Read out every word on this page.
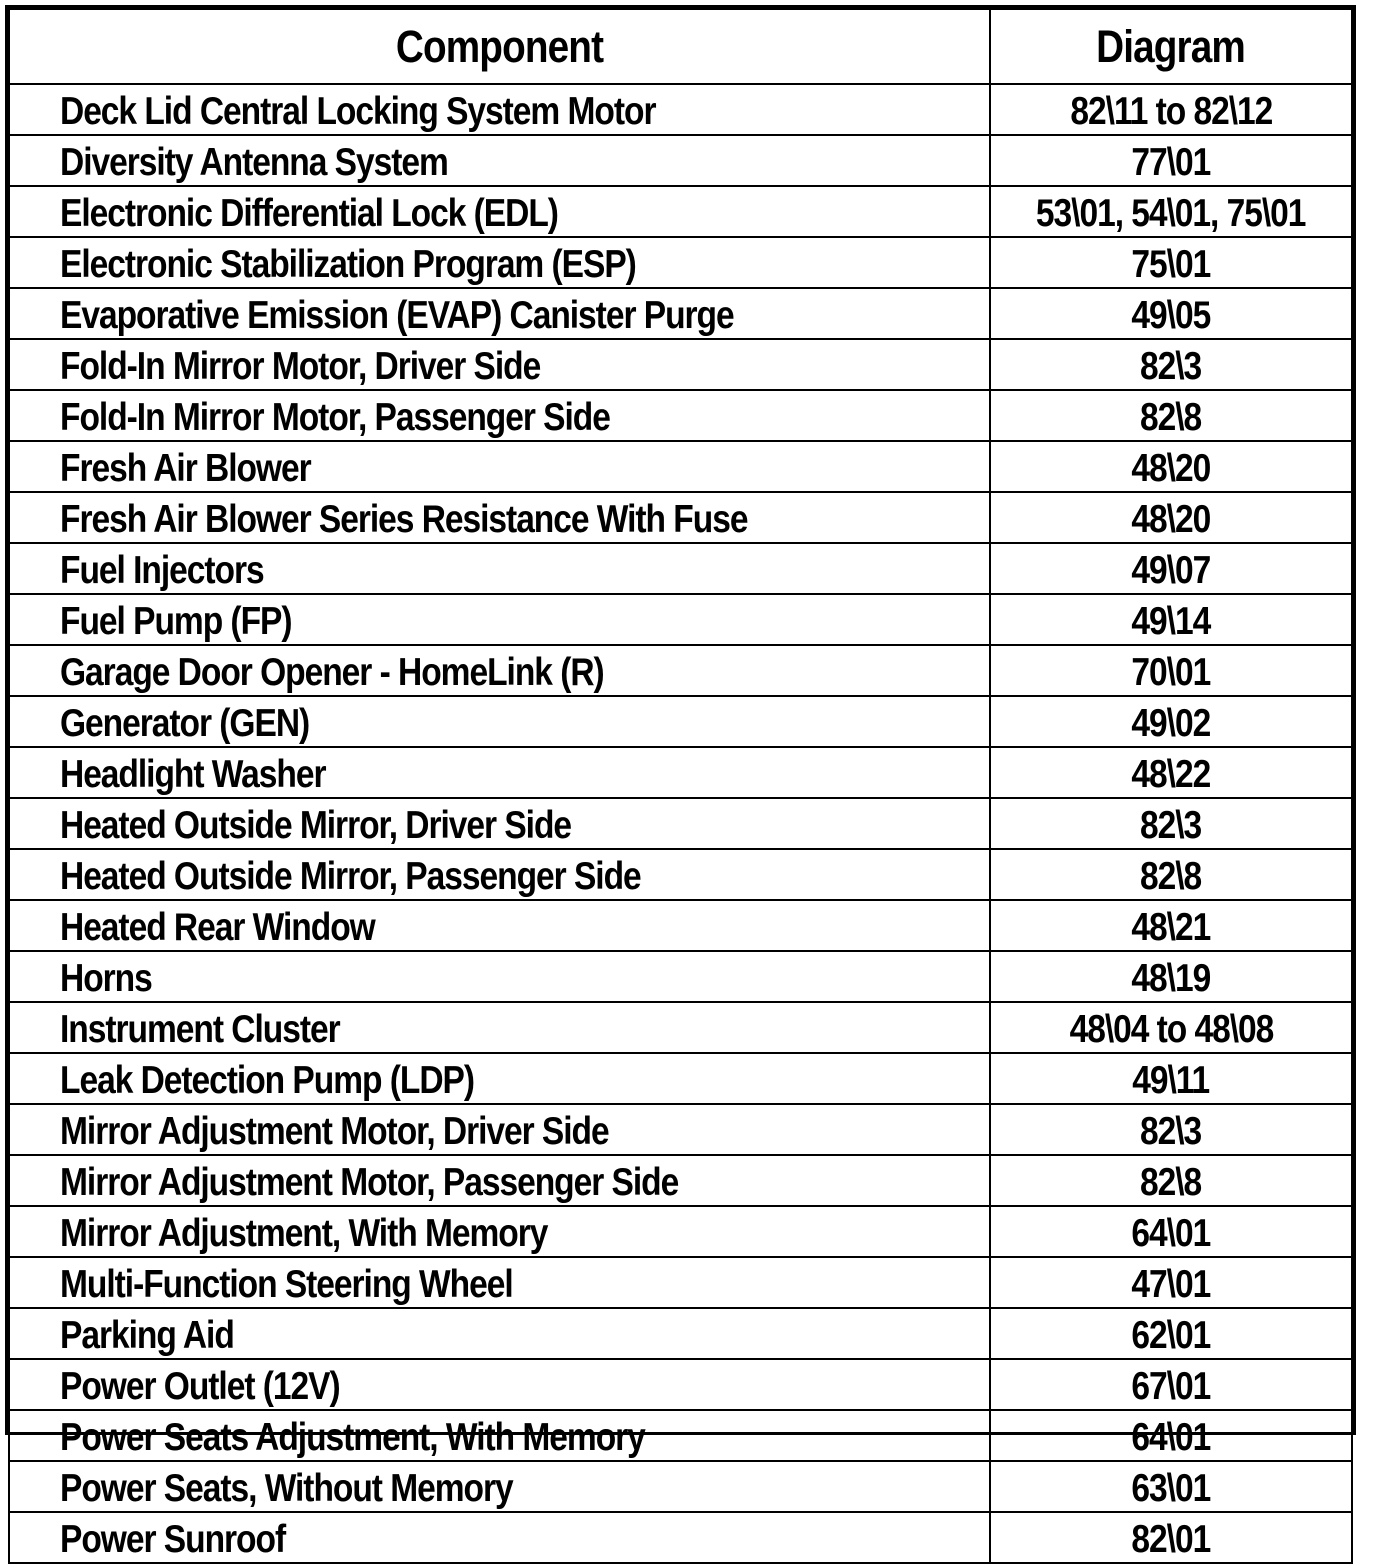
Component	Diagram
Deck Lid Central Locking System Motor	82\11 to 82\12
Diversity Antenna System	77\01
Electronic Differential Lock (EDL)	53\01, 54\01, 75\01
Electronic Stabilization Program (ESP)	75\01
Evaporative Emission (EVAP) Canister Purge	49\05
Fold-In Mirror Motor, Driver Side	82\3
Fold-In Mirror Motor, Passenger Side	82\8
Fresh Air Blower	48\20
Fresh Air Blower Series Resistance With Fuse	48\20
Fuel Injectors	49\07
Fuel Pump (FP)	49\14
Garage Door Opener - HomeLink (R)	70\01
Generator (GEN)	49\02
Headlight Washer	48\22
Heated Outside Mirror, Driver Side	82\3
Heated Outside Mirror, Passenger Side	82\8
Heated Rear Window	48\21
Horns	48\19
Instrument Cluster	48\04 to 48\08
Leak Detection Pump (LDP)	49\11
Mirror Adjustment Motor, Driver Side	82\3
Mirror Adjustment Motor, Passenger Side	82\8
Mirror Adjustment, With Memory	64\01
Multi-Function Steering Wheel	47\01
Parking Aid	62\01
Power Outlet (12V)	67\01
Power Seats Adjustment, With Memory	64\01
Power Seats, Without Memory	63\01
Power Sunroof	82\01
